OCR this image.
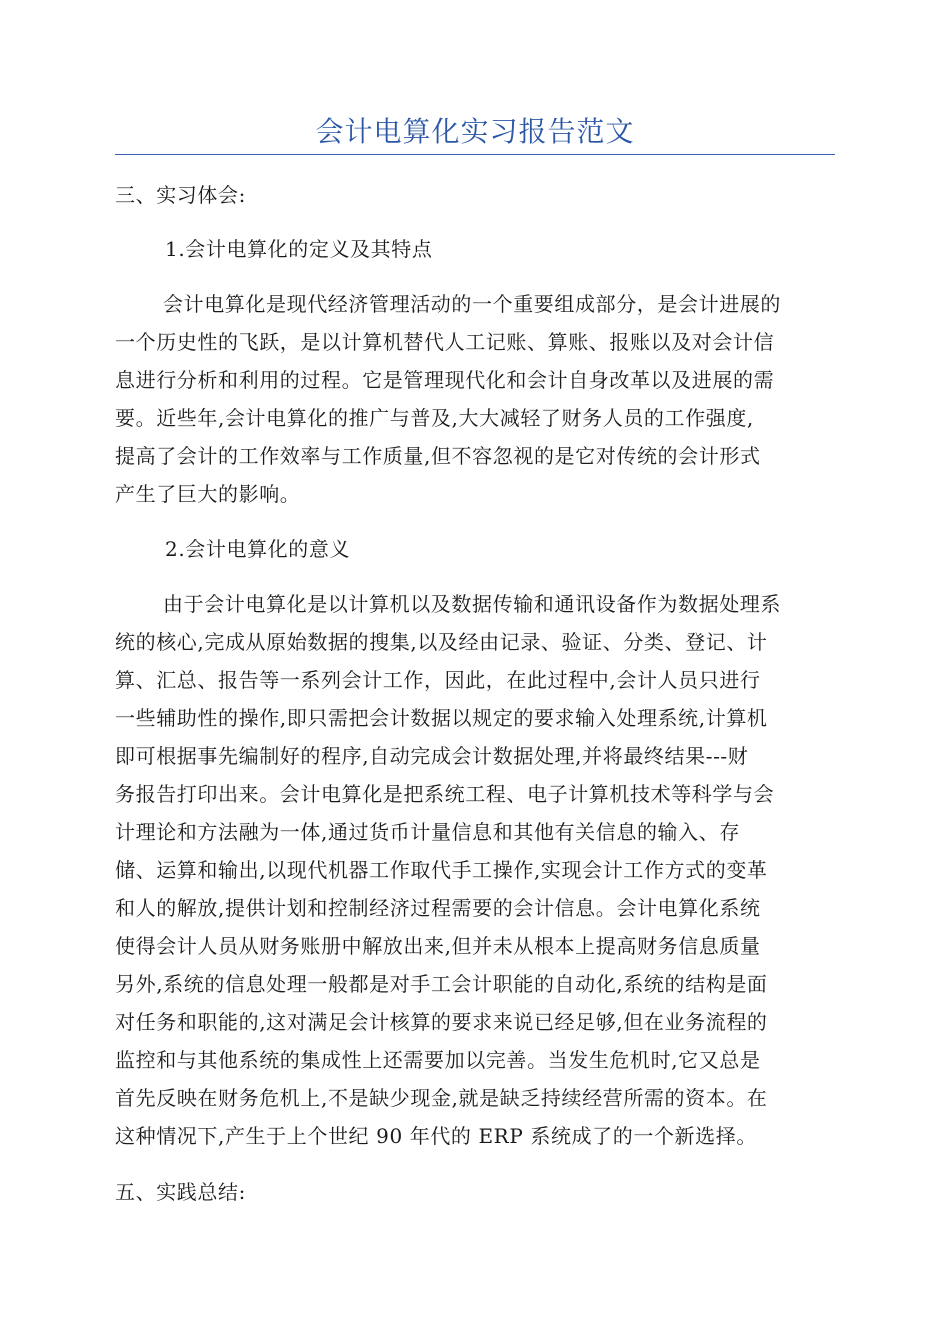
会计电算化实习报告范文
三、实习体会:
1.会计电算化的定义及其特点
会计电算化是现代经济管理活动的一个重要组成部分，是会计进展的
一个历史性的飞跃，是以计算机替代人工记账、算账、报账以及对会计信
息进行分析和利用的过程。它是管理现代化和会计自身改革以及进展的需
要。近些年,会计电算化的推广与普及,大大减轻了财务人员的工作强度,
提高了会计的工作效率与工作质量,但不容忽视的是它对传统的会计形式
产生了巨大的影响。
2.会计电算化的意义
由于会计电算化是以计算机以及数据传输和通讯设备作为数据处理系
统的核心,完成从原始数据的搜集,以及经由记录、验证、分类、登记、计
算、汇总、报告等一系列会计工作，因此，在此过程中,会计人员只进行
一些辅助性的操作,即只需把会计数据以规定的要求输入处理系统,计算机
即可根据事先编制好的程序,自动完成会计数据处理,并将最终结果---财
务报告打印出来。会计电算化是把系统工程、电子计算机技术等科学与会
计理论和方法融为一体,通过货币计量信息和其他有关信息的输入、存
储、运算和输出,以现代机器工作取代手工操作,实现会计工作方式的变革
和人的解放,提供计划和控制经济过程需要的会计信息。会计电算化系统
使得会计人员从财务账册中解放出来,但并未从根本上提高财务信息质量
另外,系统的信息处理一般都是对手工会计职能的自动化,系统的结构是面
对任务和职能的,这对满足会计核算的要求来说已经足够,但在业务流程的
监控和与其他系统的集成性上还需要加以完善。当发生危机时,它又总是
首先反映在财务危机上,不是缺少现金,就是缺乏持续经营所需的资本。在
这种情况下,产生于上个世纪 90 年代的 ERP 系统成了的一个新选择。
五、实践总结:
